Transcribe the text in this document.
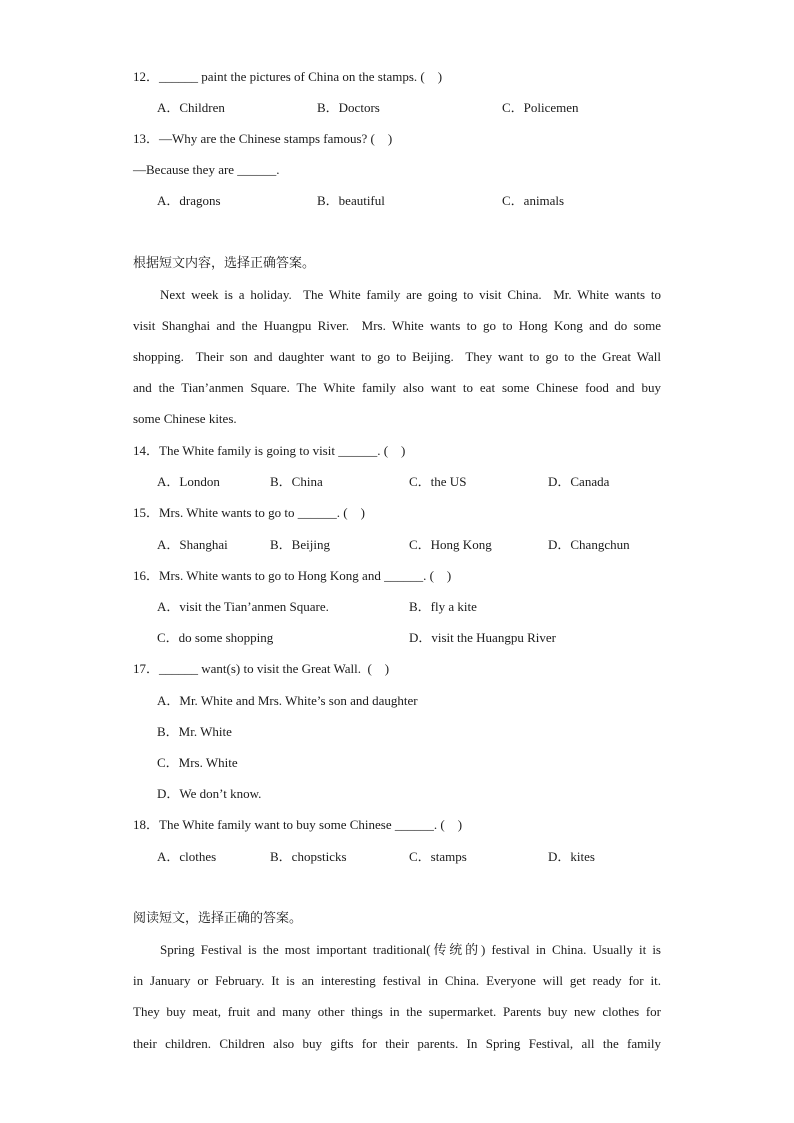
12．______ paint the pictures of China on the stamps. (    )
A．Children	B．Doctors	C．Policemen
13．—Why are the Chinese stamps famous? (    )
—Because they are ______.
A．dragons	B．beautiful	C．animals
根据短文内容，选择正确答案。
Next week is a holiday.  The White family are going to visit China.  Mr. White wants to
visit Shanghai and the Huangpu River.  Mrs. White wants to go to Hong Kong and do some
shopping.  Their son and daughter want to go to Beijing.  They want to go to the Great Wall
and the Tian’anmen Square. The White family also want to eat some Chinese food and buy
some Chinese kites.
14．The White family is going to visit ______. (    )
A．London	B．China	C．the US	D．Canada
15．Mrs. White wants to go to ______. (    )
A．Shanghai	B．Beijing	C．Hong Kong	D．Changchun
16．Mrs. White wants to go to Hong Kong and ______. (    )
A．visit the Tian’anmen Square.	B．fly a kite
C．do some shopping	D．visit the Huangpu River
17．______ want(s) to visit the Great Wall.  (    )
A．Mr. White and Mrs. White’s son and daughter
B．Mr. White
C．Mrs. White
D．We don’t know.
18．The White family want to buy some Chinese ______. (    )
A．clothes	B．chopsticks	C．stamps	D．kites
阅读短文，选择正确的答案。
Spring Festival is the most important traditional(传统的) festival in China. Usually it is
in January or February. It is an interesting festival in China. Everyone will get ready for it.
They buy meat, fruit and many other things in the supermarket. Parents buy new clothes for
their children. Children also buy gifts for their parents. In Spring Festival, all the family
